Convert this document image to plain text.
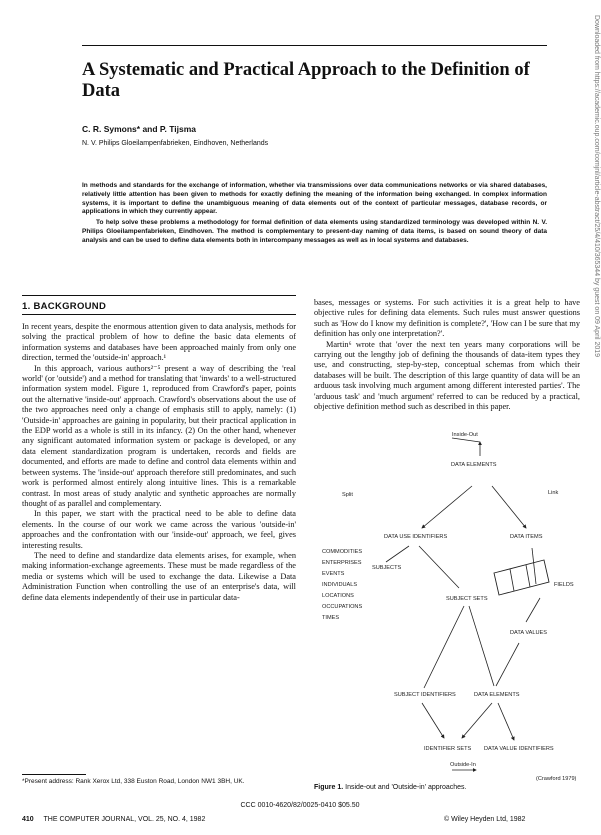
A Systematic and Practical Approach to the Definition of Data
C. R. Symons* and P. Tijsma
N. V. Philips Gloeilampenfabrieken, Eindhoven, Netherlands

In methods and standards for the exchange of information, whether via transmissions over data communications networks or via shared databases, relatively little attention has been given to methods for exactly defining the meaning of the information being exchanged. In complex information systems, it is important to define the unambiguous meaning of data elements out of the context of particular messages, database records, or applications in which they currently appear.

To help solve these problems a methodology for formal definition of data elements using standardized terminology was developed within N. V. Philips Gloeilampenfabrieken, Eindhoven. The method is complementary to present-day naming of data items, is based on sound theory of data analysis and can be used to define data elements both in intercompany messages as well as in local systems and databases.

1. BACKGROUND

In recent years, despite the enormous attention given to data analysis, methods for solving the practical problem of how to define the basic data elements of information systems and databases have been approached mainly from only one direction, termed the 'outside-in' approach.¹

In this approach, various authors²⁻⁵ present a way of describing the 'real world' (or 'outside') and a method for translating that 'inwards' to a well-structured information system model. Figure 1, reproduced from Crawford's paper, points out the alternative 'inside-out' approach. Crawford's observations about the use of the two approaches need only a change of emphasis still to apply, namely: (1) 'Outside-in' approaches are gaining in popularity, but their practical application in the EDP world as a whole is still in its infancy. (2) On the other hand, whenever any significant automated information system or package is developed, or any data element standardization program is undertaken, records and fields are documented, and efforts are made to define and control data elements within and between systems. The 'inside-out' approach therefore still predominates, and such work is performed almost entirely along intuitive lines. This is a remarkable contrast. In most areas of study analytic and synthetic approaches are normally thought of as parallel and complementary.

In this paper, we start with the practical need to be able to define data elements. In the course of our work we came across the various 'outside-in' approaches and the confrontation with our 'inside-out' approach, we feel, gives interesting results.

The need to define and standardize data elements arises, for example, when making information-exchange agreements. These must be made regardless of the media or systems which will be used to exchange the data. Likewise a Data Administration Function when controlling the use of an enterprise's data, will define data elements independently of their use in particular data-

bases, messages or systems. For such activities it is a great help to have objective rules for defining data elements. Such rules must answer questions such as 'How do I know my definition is complete?', 'How can I be sure that my definition has only one interpretation?'.

Martin⁶ wrote that 'over the next ten years many corporations will be carrying out the lengthy job of defining the thousands of data-item types they use, and constructing, step-by-step, conceptual schemas from which their databases will be built. The description of this large quantity of data will be an arduous task involving much argument among different interested parties'. The 'arduous task' and 'much argument' referred to can be reduced by a practical, objective definition method such as described in this paper.

Inside-Out
DATA ELEMENTS
Split	Link
DATA USE IDENTIFIERS	DATA ITEMS
COMMODITIES
ENTERPRISES
EVENTS
INDIVIDUALS
LOCATIONS
OCCUPATIONS
TIMES
SUBJECTS
FIELDS
SUBJECT SETS
DATA VALUES
SUBJECT IDENTIFIERS	DATA ELEMENTS
IDENTIFIER SETS DATA VALUE IDENTIFIERS
Outside-In
(Crawford 1979)
*Present address: Rank Xerox Ltd, 338 Euston Road, London NW1 3BH, UK.
Figure 1. Inside-out and 'Outside-in' approaches.
CCC 0010-4620/82/0025-0410 $05.50
410 THE COMPUTER JOURNAL, VOL. 25, NO. 4, 1982	© Wiley Heyden Ltd, 1982
Downloaded from https://academic.oup.com/comjnl/article-abstract/25/4/410/365344 by guest on 09 April 2019
